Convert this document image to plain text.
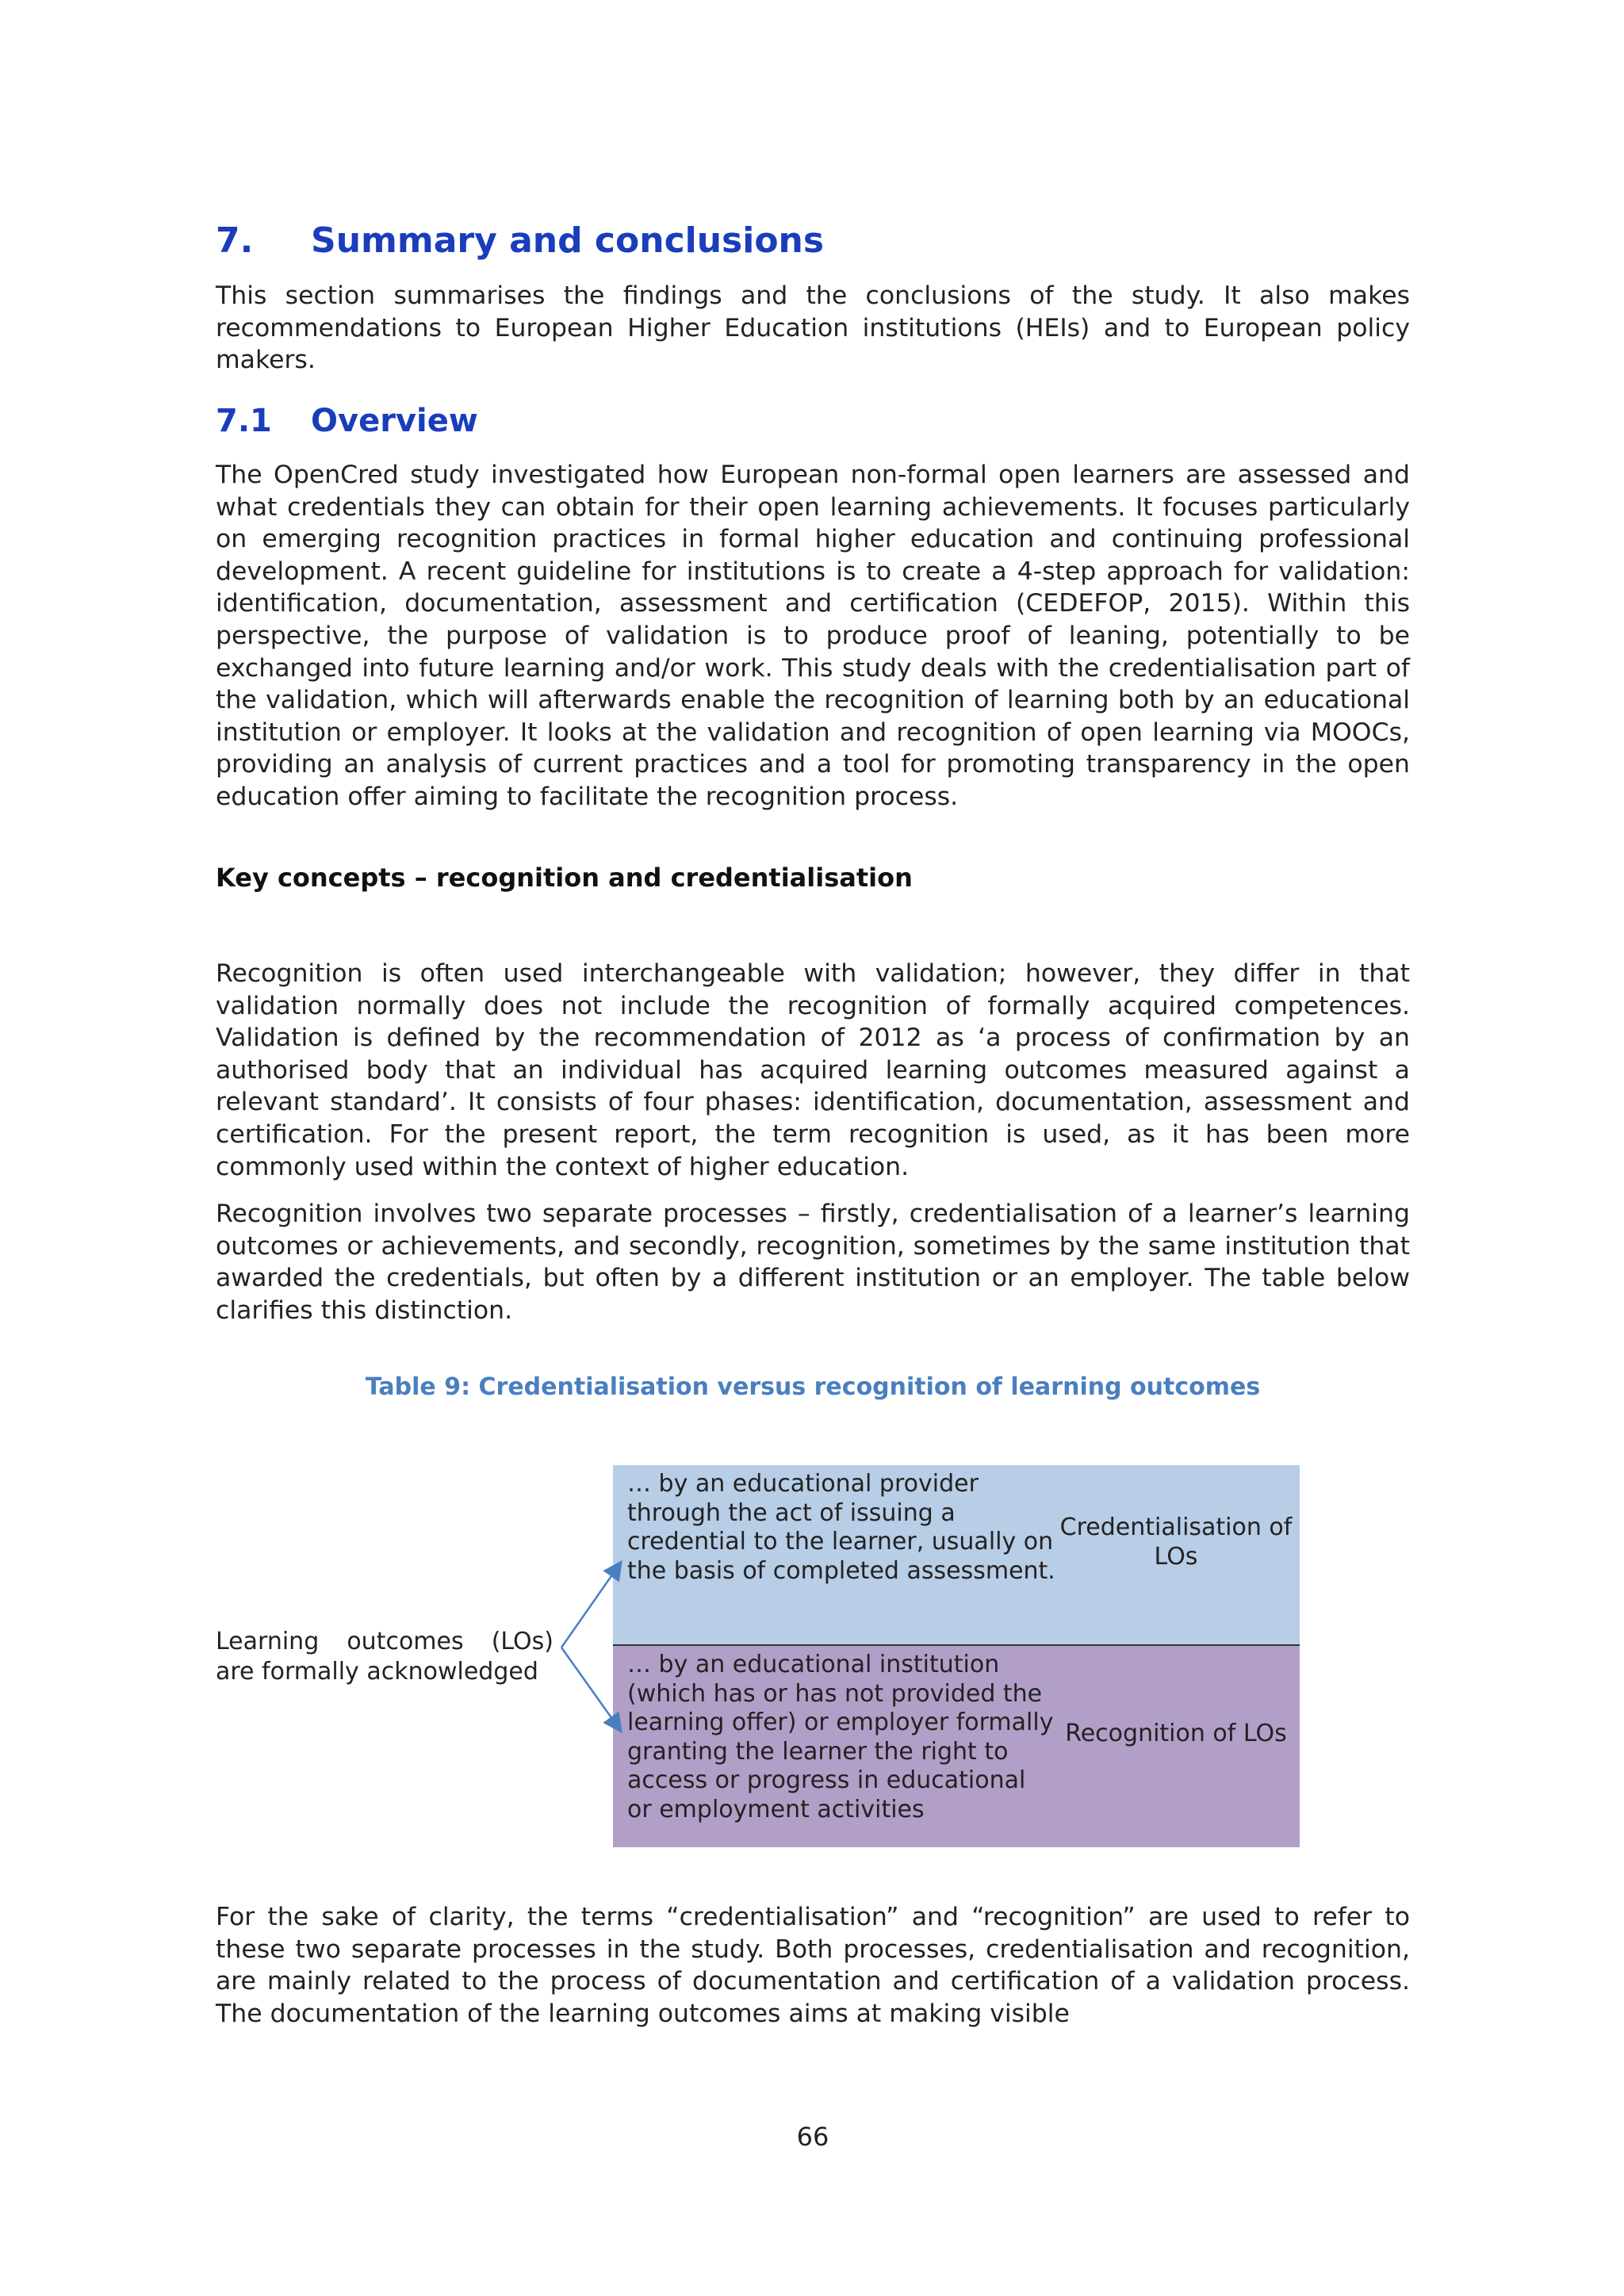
7. Summary and conclusions

This section summarises the findings and the conclusions of the study. It also makes recommendations to European Higher Education institutions (HEIs) and to European policy makers.

7.1 Overview

The OpenCred study investigated how European non-formal open learners are assessed and what credentials they can obtain for their open learning achievements. It focuses particularly on emerging recognition practices in formal higher education and continuing professional development. A recent guideline for institutions is to create a 4-step approach for validation: identification, documentation, assessment and certification (CEDEFOP, 2015). Within this perspective, the purpose of validation is to produce proof of leaning, potentially to be exchanged into future learning and/or work. This study deals with the credentialisation part of the validation, which will afterwards enable the recognition of learning both by an educational institution or employer. It looks at the validation and recognition of open learning via MOOCs, providing an analysis of current practices and a tool for promoting transparency in the open education offer aiming to facilitate the recognition process.

Key concepts – recognition and credentialisation

Recognition is often used interchangeable with validation; however, they differ in that validation normally does not include the recognition of formally acquired competences. Validation is defined by the recommendation of 2012 as ‘a process of confirmation by an authorised body that an individual has acquired learning outcomes measured against a relevant standard’. It consists of four phases: identification, documentation, assessment and certification. For the present report, the term recognition is used, as it has been more commonly used within the context of higher education.

Recognition involves two separate processes – firstly, credentialisation of a learner’s learning outcomes or achievements, and secondly, recognition, sometimes by the same institution that awarded the credentials, but often by a different institution or an employer. The table below clarifies this distinction.

Table 9: Credentialisation versus recognition of learning outcomes
Learning outcomes (LOs) are formally acknowledged
… by an educational provider through the act of issuing a credential to the learner, usually on the basis of completed assessment.
Credentialisation of LOs
… by an educational institution (which has or has not provided the learning offer) or employer formally granting the learner the right to access or progress in educational or employment activities
Recognition of LOs

For the sake of clarity, the terms “credentialisation” and “recognition” are used to refer to these two separate processes in the study. Both processes, credentialisation and recognition, are mainly related to the process of documentation and certification of a validation process. The documentation of the learning outcomes aims at making visible

66
